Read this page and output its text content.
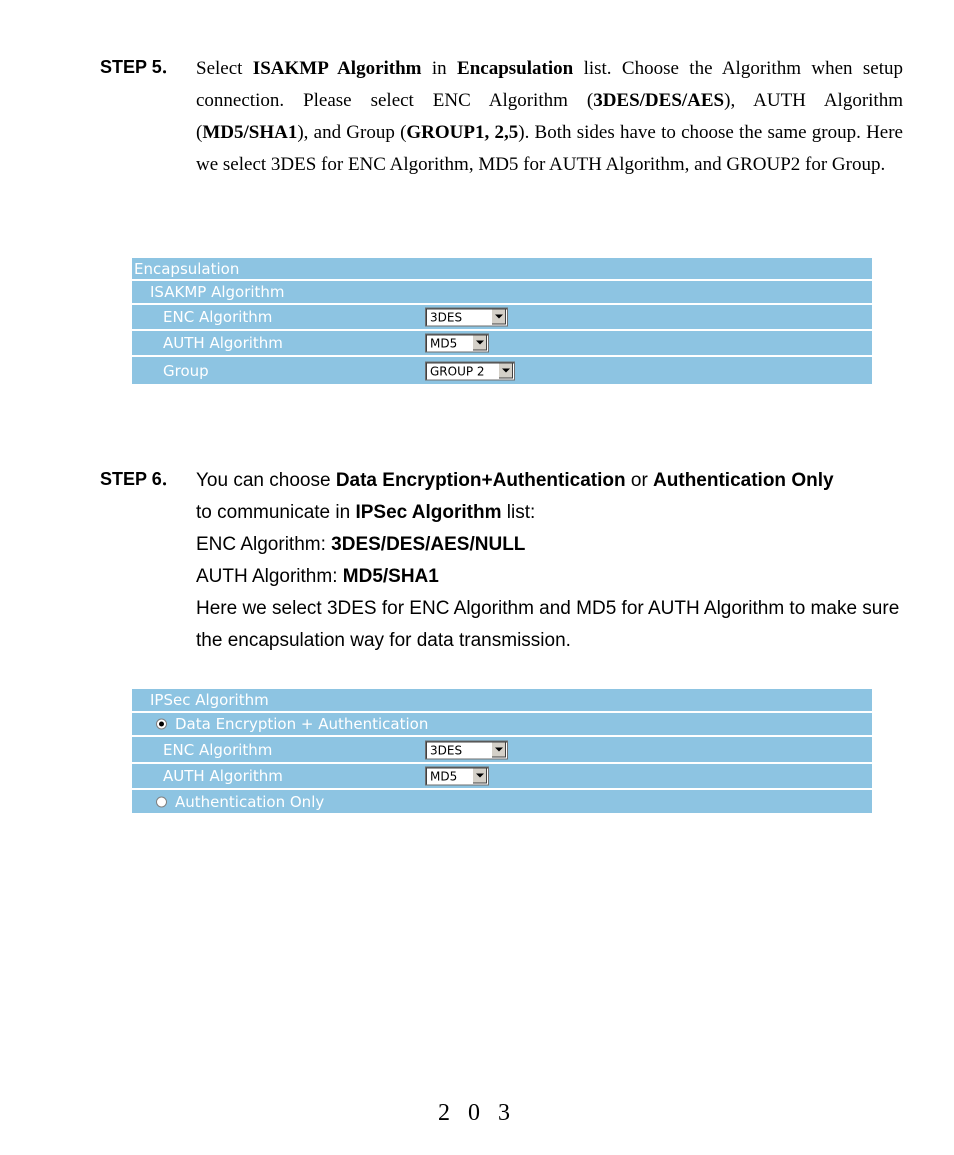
STEP 5． Select ISAKMP Algorithm in Encapsulation list. Choose the Algorithm when setup connection. Please select ENC Algorithm (3DES/DES/AES), AUTH Algorithm (MD5/SHA1), and Group (GROUP1, 2,5). Both sides have to choose the same group. Here we select 3DES for ENC Algorithm, MD5 for AUTH Algorithm, and GROUP2 for Group.
Encapsulation
ISAKMP Algorithm
ENC Algorithm	3DES
AUTH Algorithm	MD5
Group	GROUP 2
STEP 6． You can choose Data Encryption+Authentication or Authentication Only

to communicate in IPSec Algorithm list:

ENC Algorithm: 3DES/DES/AES/NULL

AUTH Algorithm: MD5/SHA1

Here we select 3DES for ENC Algorithm and MD5 for AUTH Algorithm to make sure the encapsulation way for data transmission.

IPSec Algorithm
Data Encryption + Authentication
ENC Algorithm	3DES
AUTH Algorithm	MD5
Authentication Only
2 0 3
